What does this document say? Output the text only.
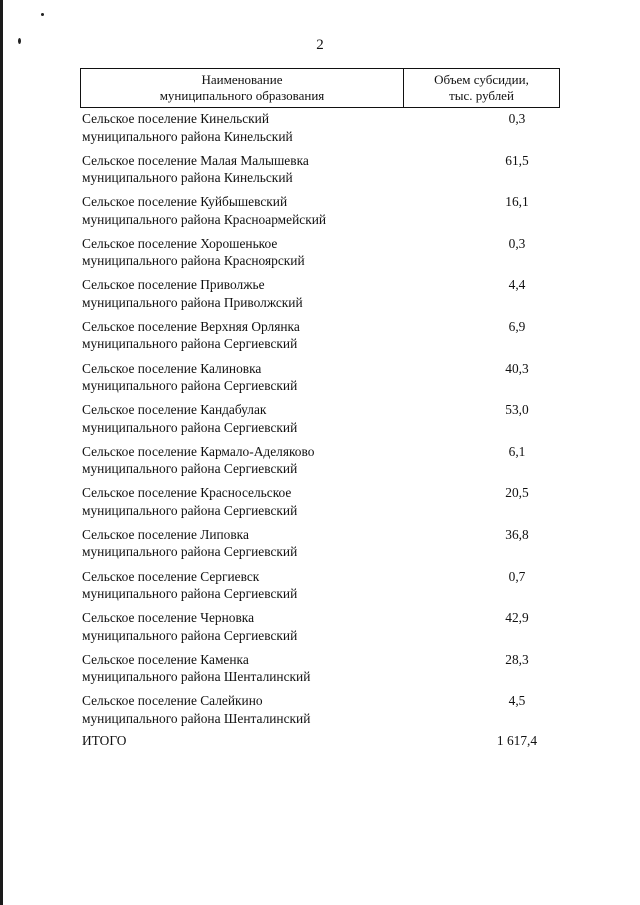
2
Наименование
муниципального образования
Объем субсидии,
тыс. рублей
Сельское поселение Кинельский
муниципального района Кинельский
0,3
Сельское поселение Малая Малышевка
муниципального района Кинельский
61,5
Сельское поселение Куйбышевский
муниципального района Красноармейский
16,1
Сельское поселение Хорошенькое
муниципального района Красноярский
0,3
Сельское поселение Приволжье
муниципального района Приволжский
4,4
Сельское поселение Верхняя Орлянка
муниципального района Сергиевский
6,9
Сельское поселение Калиновка
муниципального района Сергиевский
40,3
Сельское поселение Кандабулак
муниципального района Сергиевский
53,0
Сельское поселение Кармало-Аделяково
муниципального района Сергиевский
6,1
Сельское поселение Красносельское
муниципального района Сергиевский
20,5
Сельское поселение Липовка
муниципального района Сергиевский
36,8
Сельское поселение Сергиевск
муниципального района Сергиевский
0,7
Сельское поселение Черновка
муниципального района Сергиевский
42,9
Сельское поселение Каменка
муниципального района Шенталинский
28,3
Сельское поселение Салейкино
муниципального района Шенталинский
4,5
ИТОГО	1 617,4
